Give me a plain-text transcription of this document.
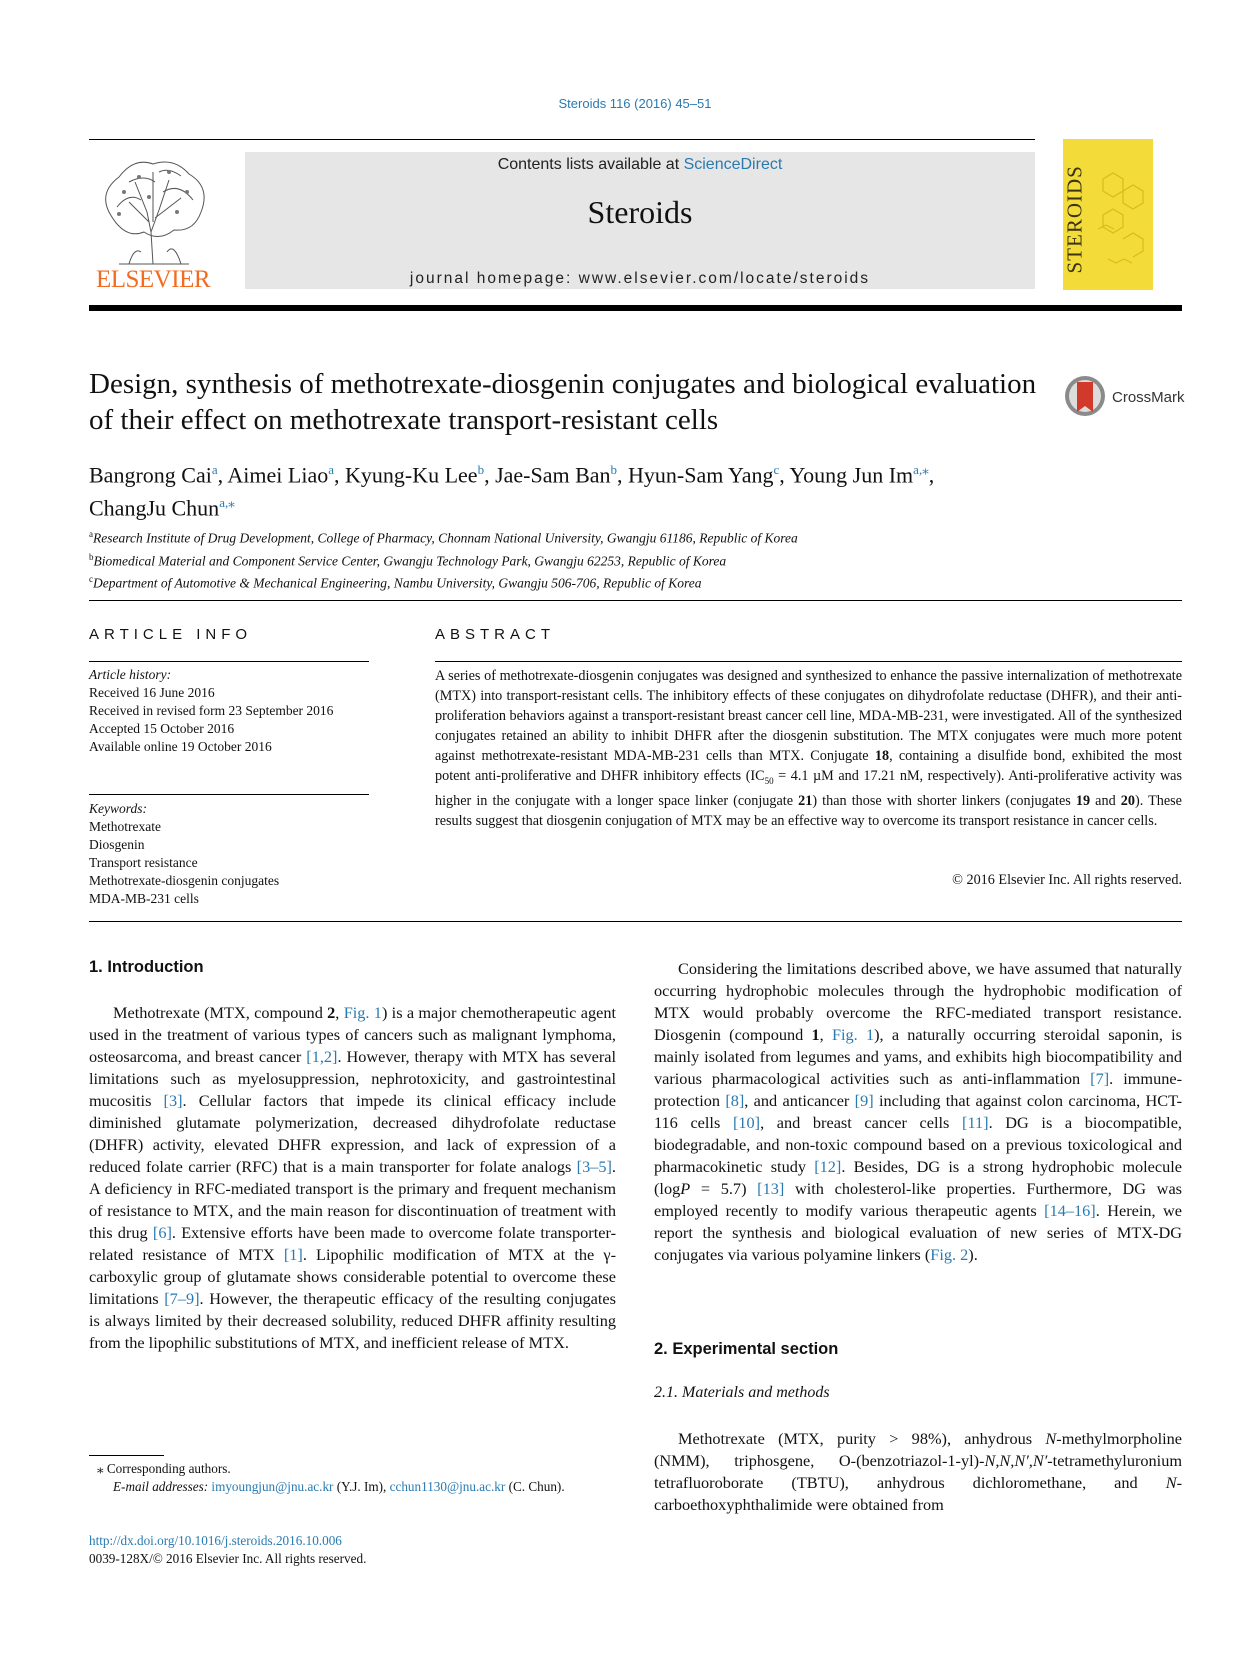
Steroids 116 (2016) 45–51
ELSEVIER
Contents lists available at ScienceDirect
Steroids
journal homepage: www.elsevier.com/locate/steroids
STEROIDS
Design, synthesis of methotrexate-diosgenin conjugates and biological evaluation of their effect on methotrexate transport-resistant cells
CrossMark
Bangrong Cai$^a$, Aimei Liao$^a$, Kyung-Ku Lee$^b$, Jae-Sam Ban$^b$, Hyun-Sam Yang$^c$, Young Jun $Im^{a,⁎}$,
ChangJu Chun$^{a,⁎}$
$^a$Research Institute of Drug Development, College of Pharmacy, Chonnam National University, Gwangju 61186, Republic of Korea
$^b$Biomedical Material and Component Service Center, Gwangju Technology Park, Gwangju 62253, Republic of Korea
$^c$Department of Automotive & Mechanical Engineering, Nambu University, Gwangju 506-706, Republic of Korea
ARTICLE INFO
Article history:
Received 16 June 2016
Received in revised form 23 September 2016
Accepted 15 October 2016
Available online 19 October 2016
Keywords:
Methotrexate
Diosgenin
Transport resistance
Methotrexate-diosgenin conjugates
MDA-MB-231 cells
ABSTRACT
A series of methotrexate-diosgenin conjugates was designed and synthesized to enhance the passive internalization of methotrexate (MTX) into transport-resistant cells. The inhibitory effects of these conjugates on dihydrofolate reductase (DHFR), and their anti-proliferation behaviors against a transport-resistant breast cancer cell line, MDA-MB-231, were investigated. All of the synthesized conjugates retained an ability to inhibit DHFR after the diosgenin substitution. The MTX conjugates were much more potent against methotrexate-resistant MDA-MB-231 cells than MTX. Conjugate 18, containing a disulfide bond, exhibited the most potent anti-proliferative and DHFR inhibitory effects ($IC_{50} = 4.1$ µM and 17.21 nM, respectively). Anti-proliferative activity was higher in the conjugate with a longer space linker (conjugate 21) than those with shorter linkers (conjugates 19 and 20). These results suggest that diosgenin conjugation of MTX may be an effective way to overcome its transport resistance in cancer cells.
© 2016 Elsevier Inc. All rights reserved.
1. Introduction
Methotrexate (MTX, compound 2, Fig. 1) is a major chemotherapeutic agent used in the treatment of various types of cancers such as malignant lymphoma, osteosarcoma, and breast cancer [1,2]. However, therapy with MTX has several limitations such as myelosuppression, nephrotoxicity, and gastrointestinal mucositis [3]. Cellular factors that impede its clinical efficacy include diminished glutamate polymerization, decreased dihydrofolate reductase (DHFR) activity, elevated DHFR expression, and lack of expression of a reduced folate carrier (RFC) that is a main transporter for folate analogs [3–5]. A deficiency in RFC-mediated transport is the primary and frequent mechanism of resistance to MTX, and the main reason for discontinuation of treatment with this drug [6]. Extensive efforts have been made to overcome folate transporter-related resistance of MTX [1]. Lipophilic modification of MTX at the γ-carboxylic group of glutamate shows considerable potential to overcome these limitations [7–9]. However, the therapeutic efficacy of the resulting conjugates is always limited by their decreased solubility, reduced DHFR affinity resulting from the lipophilic substitutions of MTX, and inefficient release of MTX.
Considering the limitations described above, we have assumed that naturally occurring hydrophobic molecules through the hydrophobic modification of MTX would probably overcome the RFC-mediated transport resistance. Diosgenin (compound 1, Fig. 1), a naturally occurring steroidal saponin, is mainly isolated from legumes and yams, and exhibits high biocompatibility and various pharmacological activities such as anti-inflammation [7]. immune-protection [8], and anticancer [9] including that against colon carcinoma, HCT-116 cells [10], and breast cancer cells [11]. DG is a biocompatible, biodegradable, and non-toxic compound based on a previous toxicological and pharmacokinetic study [12]. Besides, DG is a strong hydrophobic molecule (logP = 5.7) [13] with cholesterol-like properties. Furthermore, DG was employed recently to modify various therapeutic agents [14–16]. Herein, we report the synthesis and biological evaluation of new series of MTX-DG conjugates via various polyamine linkers (Fig. 2).
2. Experimental section
2.1. Materials and methods
Methotrexate (MTX, purity > 98%), anhydrous N-methylmorpholine (NMM), triphosgene, O-(benzotriazol-1-yl)-N,N,N′,N′-tetramethyluronium tetrafluoroborate (TBTU), anhydrous dichloromethane, and N-carboethoxyphthalimide were obtained from
⁎ Corresponding authors.
E-mail addresses: imyoungjun@jnu.ac.kr (Y.J. Im), cchun1130@jnu.ac.kr (C. Chun).
http://dx.doi.org/10.1016/j.steroids.2016.10.006
0039-128X/© 2016 Elsevier Inc. All rights reserved.
